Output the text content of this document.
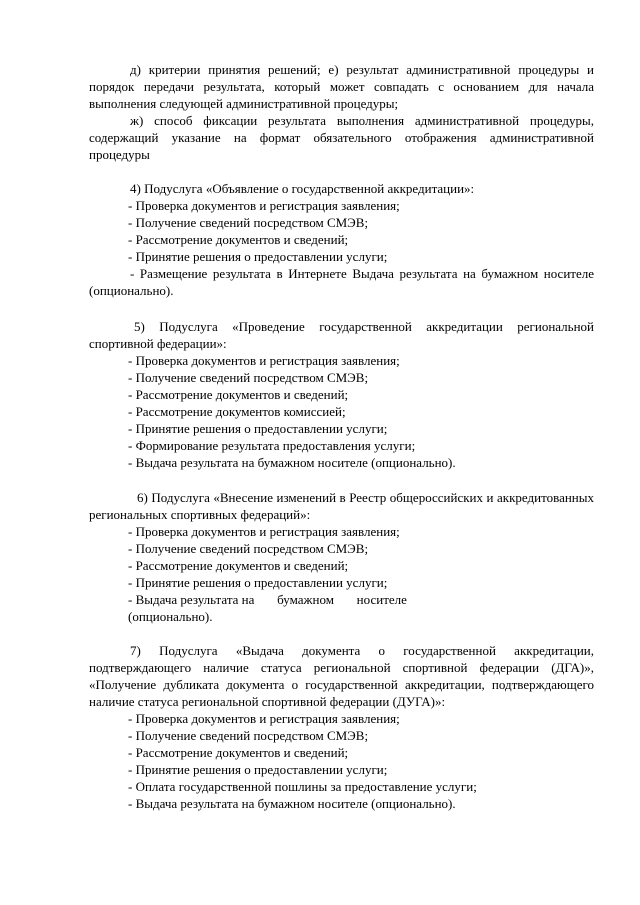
д) критерии принятия решений; е) результат административной процедуры и порядок передачи результата, который может совпадать с основанием для начала выполнения следующей административной процедуры;

ж) способ фиксации результата выполнения административной процедуры, содержащий указание на формат обязательного отображения административной процедуры

4) Подуслуга «Объявление о государственной аккредитации»:

- Проверка документов и регистрация заявления;
- Получение сведений посредством СМЭВ;
- Рассмотрение документов и сведений;
- Принятие решения о предоставлении услуги;

- Размещение результата в Интернете Выдача результата на бумажном носителе (опционально).

5) Подуслуга «Проведение государственной аккредитации региональной спортивной федерации»:

- Проверка документов и регистрация заявления;
- Получение сведений посредством СМЭВ;
- Рассмотрение документов и сведений;
- Рассмотрение документов комиссией;
- Принятие решения о предоставлении услуги;
- Формирование результата предоставления услуги;
- Выдача результата на бумажном носителе (опционально).

6) Подуслуга «Внесение изменений в Реестр общероссийских и аккредитованных региональных спортивных федераций»:

- Проверка документов и регистрация заявления;
- Получение сведений посредством СМЭВ;
- Рассмотрение документов и сведений;
- Принятие решения о предоставлении услуги;
- Выдача результата на       бумажном       носителе
(опционально).

7) Подуслуга «Выдача документа о государственной аккредитации, подтверждающего наличие статуса региональной спортивной федерации (ДГА)», «Получение дубликата документа о государственной аккредитации, подтверждающего наличие статуса региональной спортивной федерации (ДУГА)»:

- Проверка документов и регистрация заявления;
- Получение сведений посредством СМЭВ;
- Рассмотрение документов и сведений;
- Принятие решения о предоставлении услуги;
- Оплата государственной пошлины за предоставление услуги;
- Выдача результата на бумажном носителе (опционально).
